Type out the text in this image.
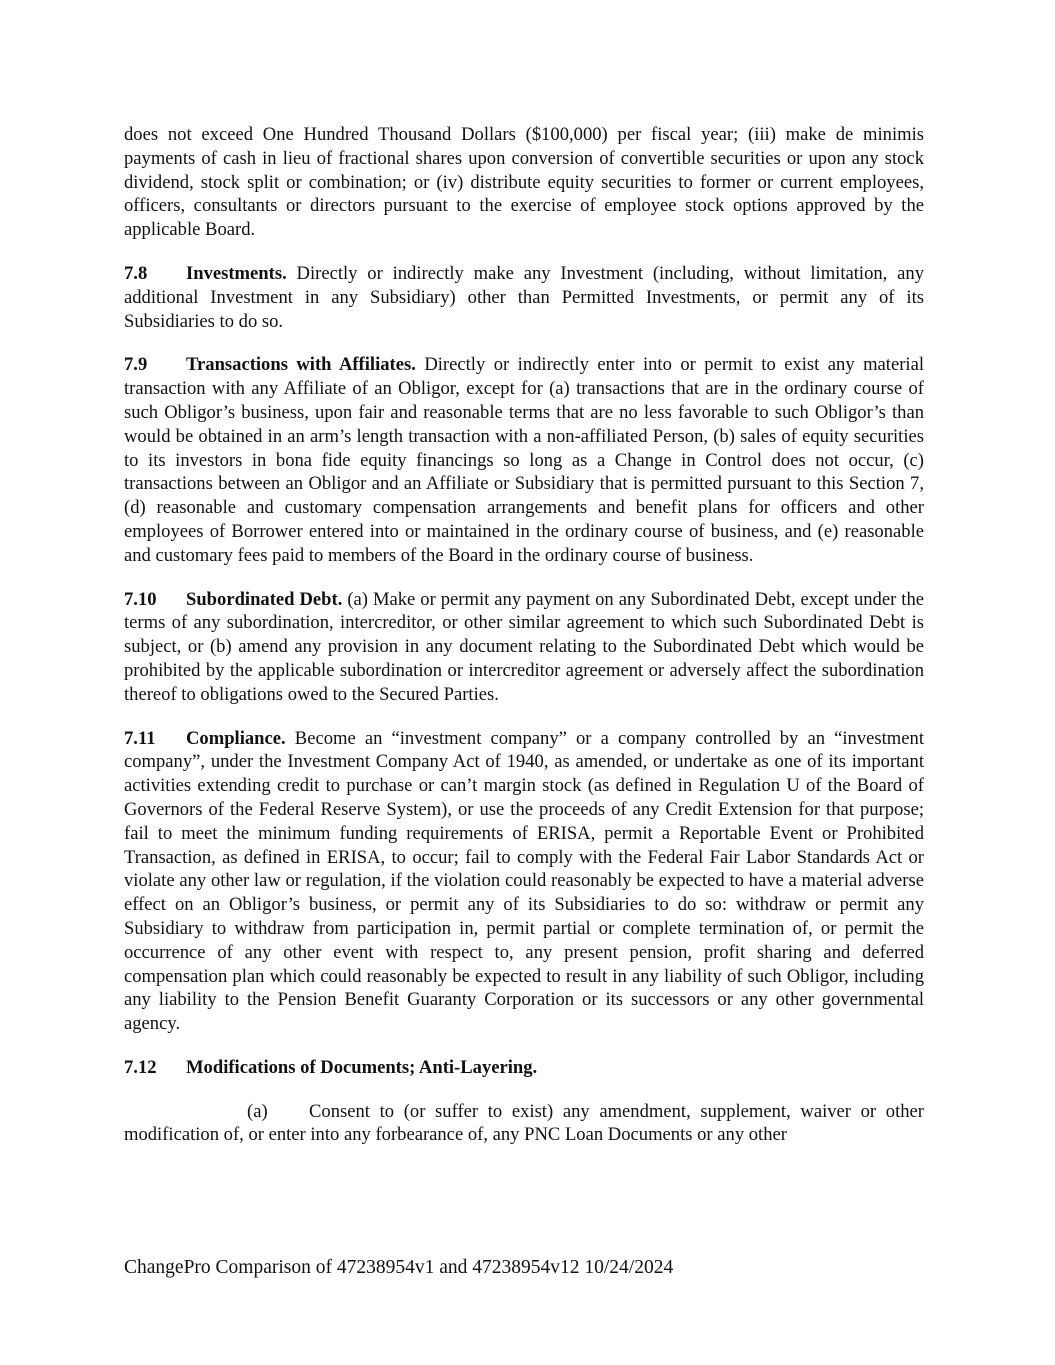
does not exceed One Hundred Thousand Dollars ($100,000) per fiscal year; (iii) make de minimis payments of cash in lieu of fractional shares upon conversion of convertible securities or upon any stock dividend, stock split or combination; or (iv) distribute equity securities to former or current employees, officers, consultants or directors pursuant to the exercise of employee stock options approved by the applicable Board.

7.8 Investments. Directly or indirectly make any Investment (including, without limitation, any additional Investment in any Subsidiary) other than Permitted Investments, or permit any of its Subsidiaries to do so.

7.9 Transactions with Affiliates. Directly or indirectly enter into or permit to exist any material transaction with any Affiliate of an Obligor, except for (a) transactions that are in the ordinary course of such Obligor’s business, upon fair and reasonable terms that are no less favorable to such Obligor’s than would be obtained in an arm’s length transaction with a non-affiliated Person, (b) sales of equity securities to its investors in bona fide equity financings so long as a Change in Control does not occur, (c) transactions between an Obligor and an Affiliate or Subsidiary that is permitted pursuant to this Section 7, (d) reasonable and customary compensation arrangements and benefit plans for officers and other employees of Borrower entered into or maintained in the ordinary course of business, and (e) reasonable and customary fees paid to members of the Board in the ordinary course of business.

7.10 Subordinated Debt. (a) Make or permit any payment on any Subordinated Debt, except under the terms of any subordination, intercreditor, or other similar agreement to which such Subordinated Debt is subject, or (b) amend any provision in any document relating to the Subordinated Debt which would be prohibited by the applicable subordination or intercreditor agreement or adversely affect the subordination thereof to obligations owed to the Secured Parties.

7.11 Compliance. Become an “investment company” or a company controlled by an “investment company”, under the Investment Company Act of 1940, as amended, or undertake as one of its important activities extending credit to purchase or can’t margin stock (as defined in Regulation U of the Board of Governors of the Federal Reserve System), or use the proceeds of any Credit Extension for that purpose; fail to meet the minimum funding requirements of ERISA, permit a Reportable Event or Prohibited Transaction, as defined in ERISA, to occur; fail to comply with the Federal Fair Labor Standards Act or violate any other law or regulation, if the violation could reasonably be expected to have a material adverse effect on an Obligor’s business, or permit any of its Subsidiaries to do so: withdraw or permit any Subsidiary to withdraw from participation in, permit partial or complete termination of, or permit the occurrence of any other event with respect to, any present pension, profit sharing and deferred compensation plan which could reasonably be expected to result in any liability of such Obligor, including any liability to the Pension Benefit Guaranty Corporation or its successors or any other governmental agency.

7.12 Modifications of Documents; Anti-Layering.

(a) Consent to (or suffer to exist) any amendment, supplement, waiver or other modification of, or enter into any forbearance of, any PNC Loan Documents or any other

ChangePro Comparison of 47238954v1 and 47238954v12 10/24/2024
